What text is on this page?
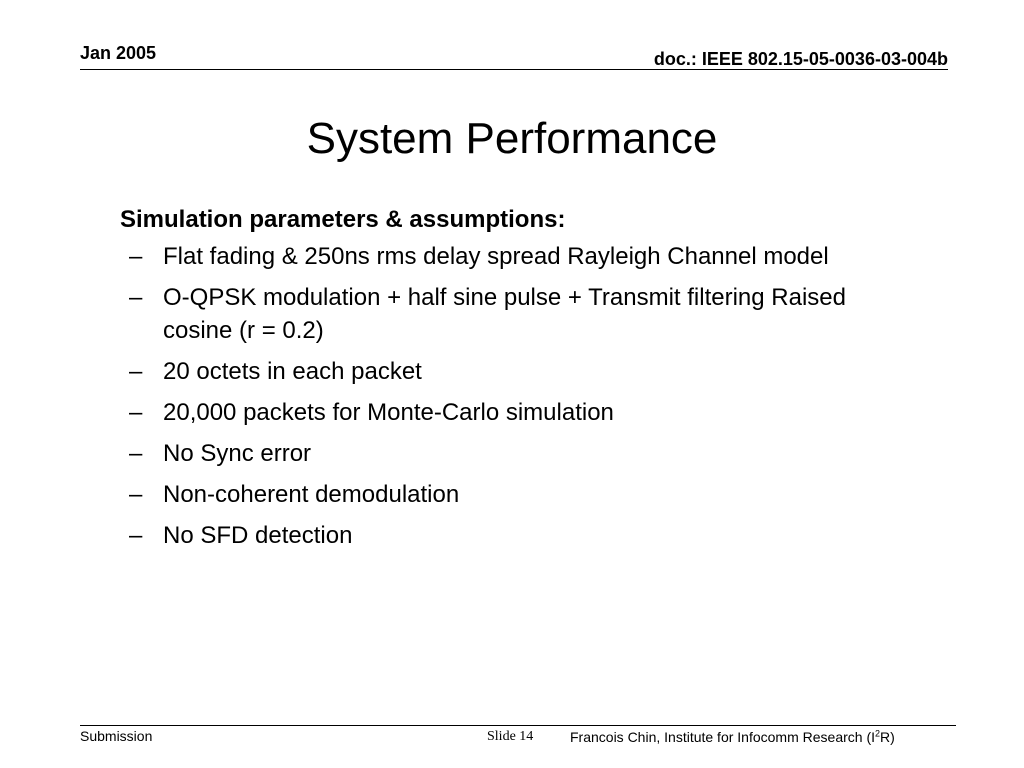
Jan 2005	doc.: IEEE 802.15-05-0036-03-004b
System Performance
Simulation parameters & assumptions:
– Flat fading & 250ns rms delay spread Rayleigh Channel model
– O-QPSK modulation + half sine pulse + Transmit filtering Raised cosine (r = 0.2)
– 20 octets in each packet
– 20,000 packets for Monte-Carlo simulation
– No Sync error
– Non-coherent demodulation
– No SFD detection
Submission	Slide 14	Francois Chin, Institute for Infocomm Research $(I^2R)$
